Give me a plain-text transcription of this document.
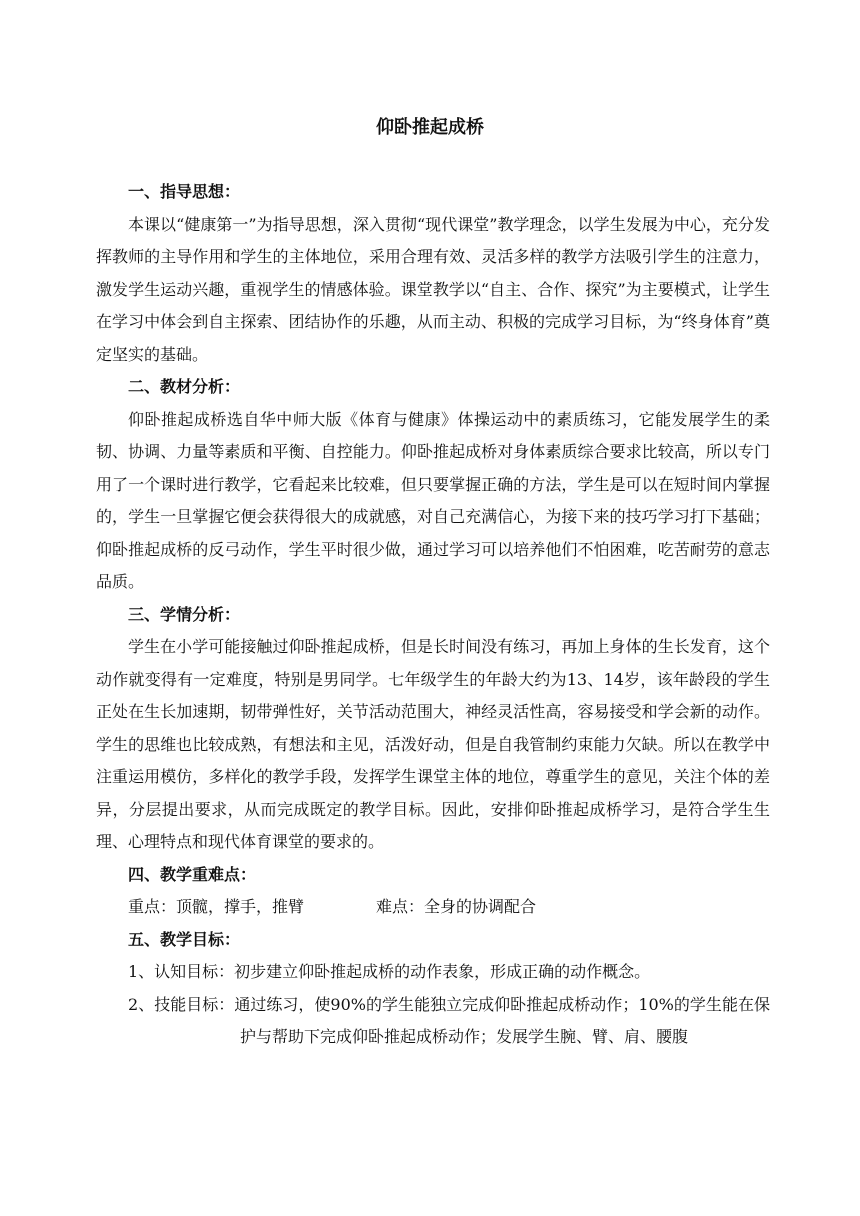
仰卧推起成桥
一、指导思想：
本课以“健康第一”为指导思想，深入贯彻“现代课堂”教学理念，以学生发展为中心，充分发挥教师的主导作用和学生的主体地位，采用合理有效、灵活多样的教学方法吸引学生的注意力，激发学生运动兴趣，重视学生的情感体验。课堂教学以“自主、合作、探究”为主要模式，让学生在学习中体会到自主探索、团结协作的乐趣，从而主动、积极的完成学习目标，为“终身体育”奠定坚实的基础。
二、教材分析：
仰卧推起成桥选自华中师大版《体育与健康》体操运动中的素质练习，它能发展学生的柔韧、协调、力量等素质和平衡、自控能力。仰卧推起成桥对身体素质综合要求比较高，所以专门用了一个课时进行教学，它看起来比较难，但只要掌握正确的方法，学生是可以在短时间内掌握的，学生一旦掌握它便会获得很大的成就感，对自己充满信心，为接下来的技巧学习打下基础；仰卧推起成桥的反弓动作，学生平时很少做，通过学习可以培养他们不怕困难，吃苦耐劳的意志品质。
三、学情分析：
学生在小学可能接触过仰卧推起成桥，但是长时间没有练习，再加上身体的生长发育，这个动作就变得有一定难度，特别是男同学。七年级学生的年龄大约为13、14岁，该年龄段的学生正处在生长加速期，韧带弹性好，关节活动范围大，神经灵活性高，容易接受和学会新的动作。学生的思维也比较成熟，有想法和主见，活泼好动，但是自我管制约束能力欠缺。所以在教学中注重运用模仿，多样化的教学手段，发挥学生课堂主体的地位，尊重学生的意见，关注个体的差异，分层提出要求，从而完成既定的教学目标。因此，安排仰卧推起成桥学习，是符合学生生理、心理特点和现代体育课堂的要求的。
四、教学重难点：
重点：顶髋，撑手，推臂	难点：全身的协调配合
五、教学目标：
1、认知目标：初步建立仰卧推起成桥的动作表象，形成正确的动作概念。
2、技能目标：通过练习，使90%的学生能独立完成仰卧推起成桥动作；10%的学生能在保护与帮助下完成仰卧推起成桥动作；发展学生腕、臂、肩、腰腹
